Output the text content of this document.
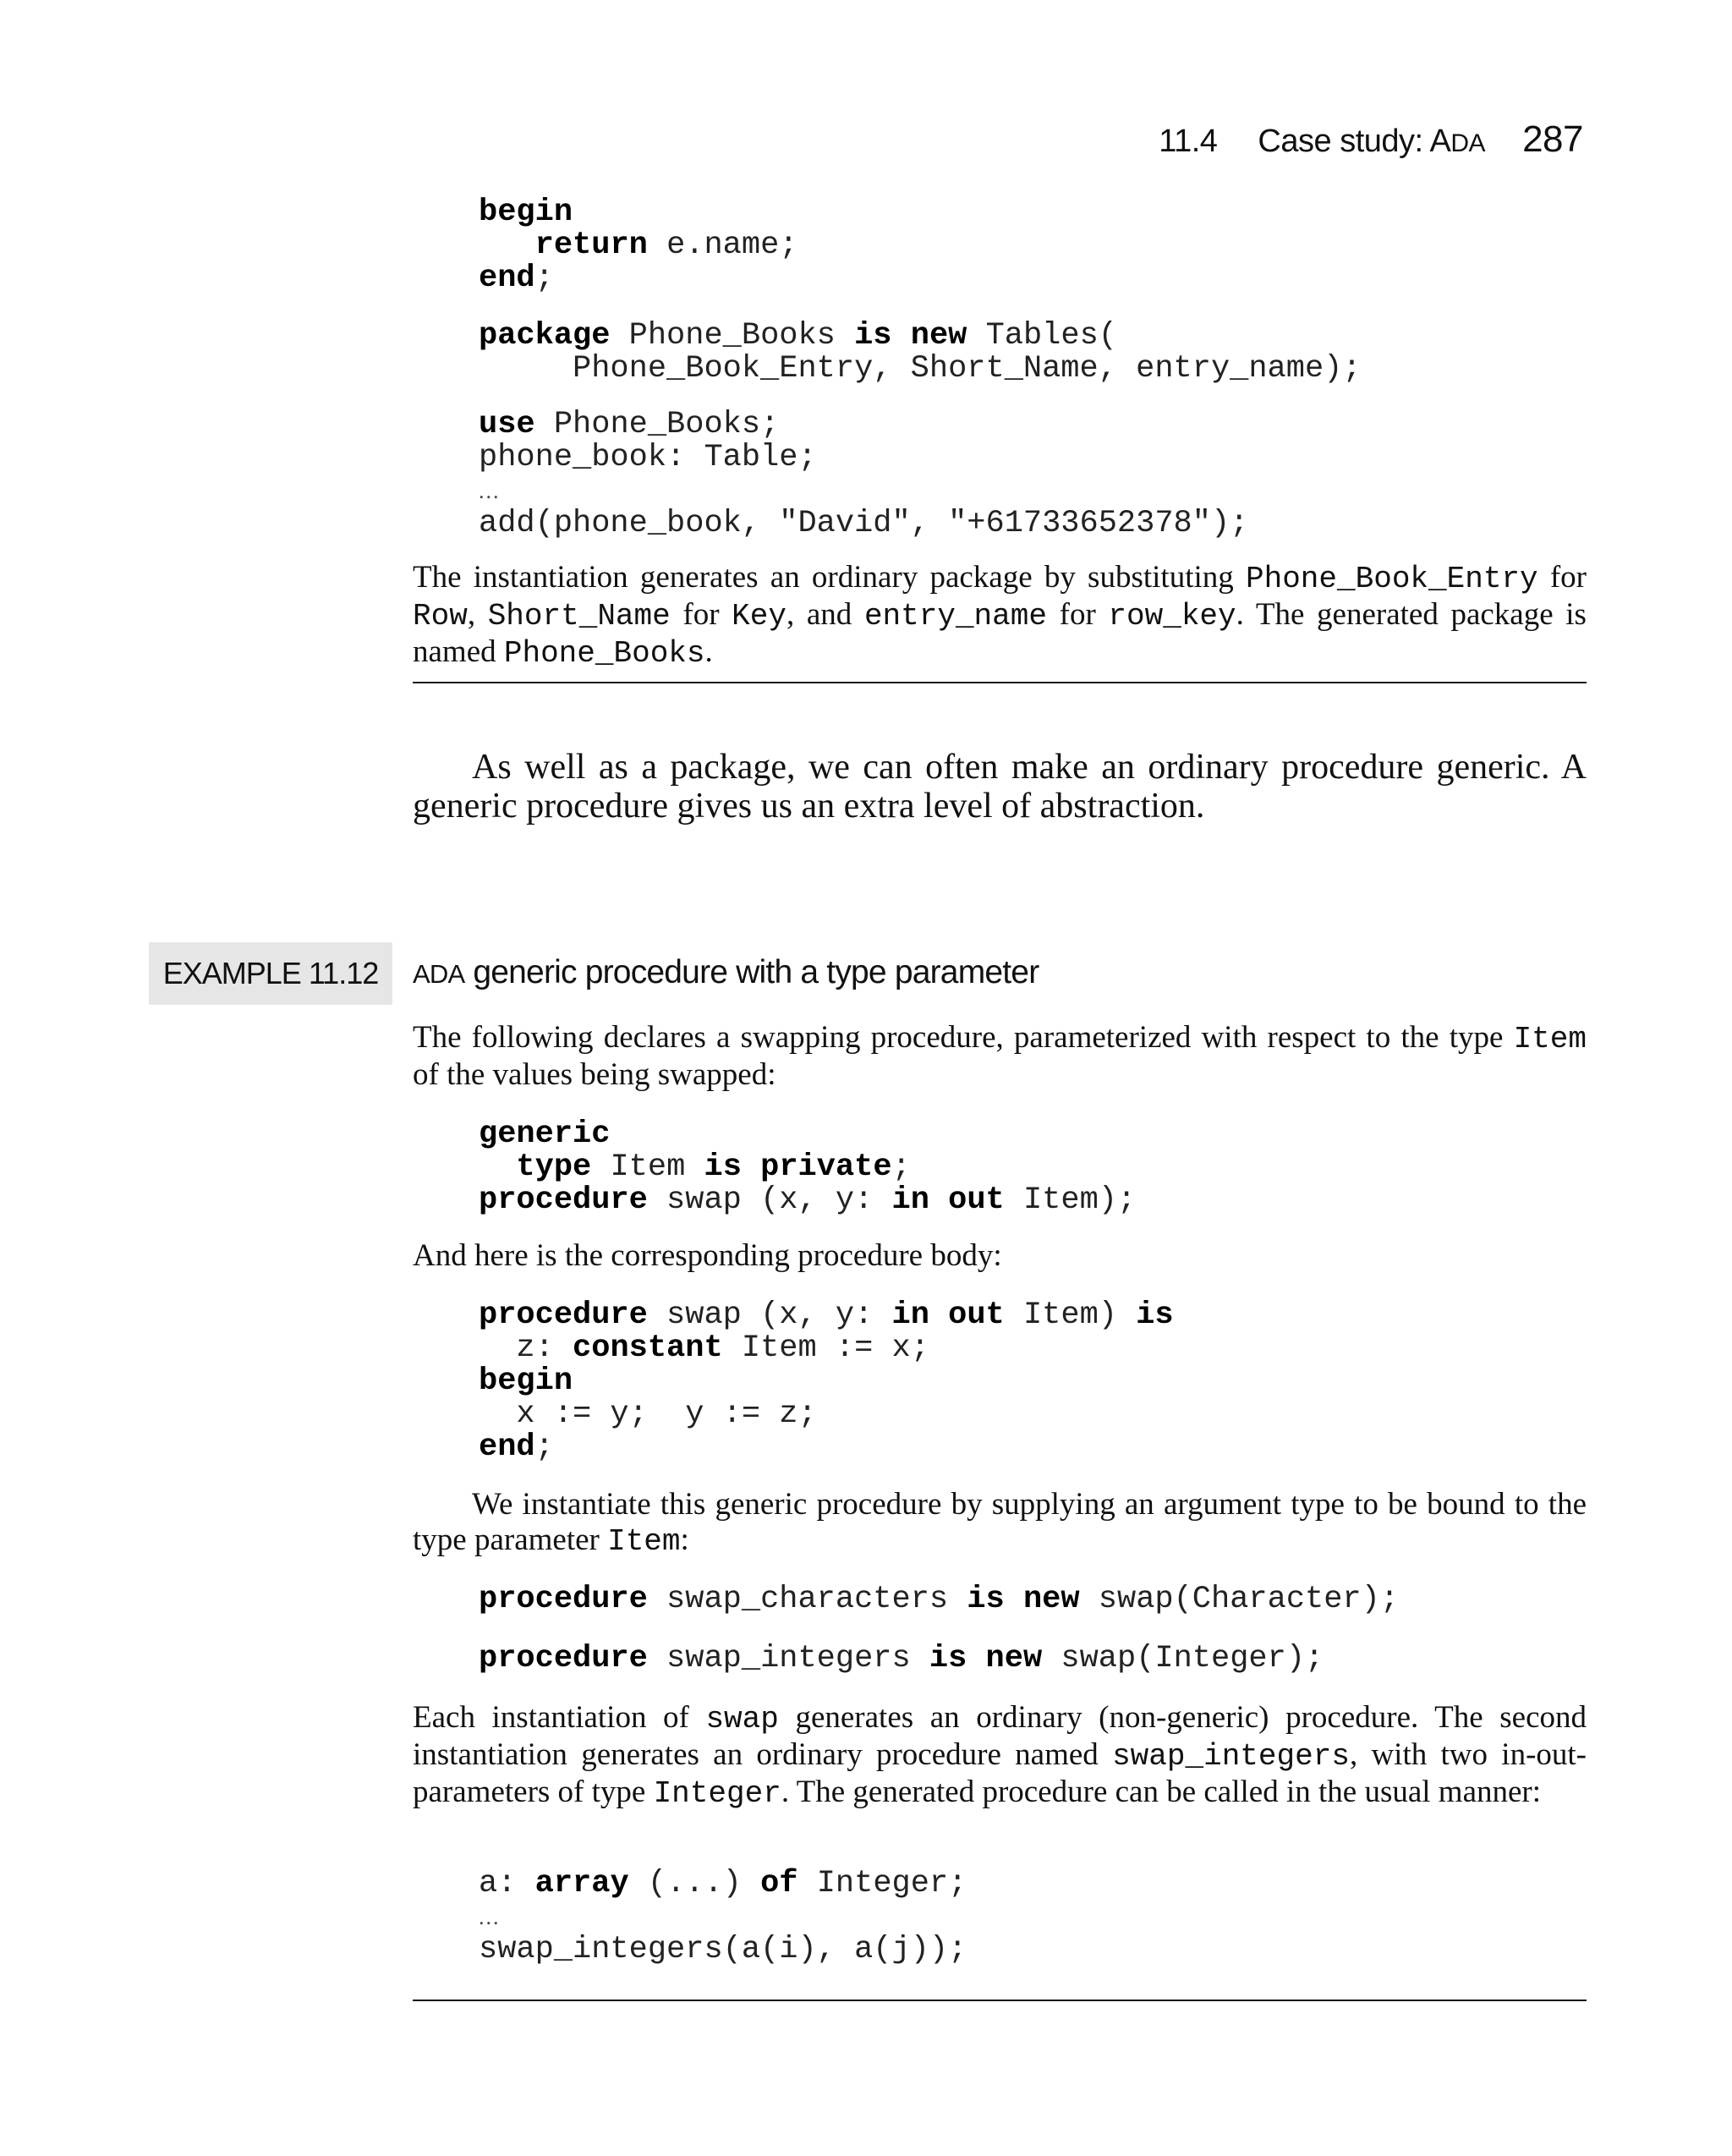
11.4 Case study: ADA 287
begin
return e.name;
end;
package Phone_Books is new Tables(
Phone_Book_Entry, Short_Name, entry_name);
use Phone_Books;
phone_book: Table;
...
add(phone_book, "David", "+61733652378");
The instantiation generates an ordinary package by substituting Phone_Book_Entry for Row, Short_Name for Key, and entry_name for row_key. The generated package is named Phone_Books.
As well as a package, we can often make an ordinary procedure generic. A generic procedure gives us an extra level of abstraction.
EXAMPLE 11.12	ADA generic procedure with a type parameter
The following declares a swapping procedure, parameterized with respect to the type Item of the values being swapped:
generic
type Item is private;
procedure swap (x, y: in out Item);
And here is the corresponding procedure body:
procedure swap (x, y: in out Item) is
z: constant Item := x;
begin
x := y;  y := z;
end;
We instantiate this generic procedure by supplying an argument type to be bound to the type parameter Item:
procedure swap_characters is new swap(Character);
procedure swap_integers is new swap(Integer);
Each instantiation of swap generates an ordinary (non-generic) procedure. The second instantiation generates an ordinary procedure named swap_integers, with two in-out-parameters of type Integer. The generated procedure can be called in the usual manner:
a: array (...) of Integer;
...
swap_integers(a(i), a(j));
